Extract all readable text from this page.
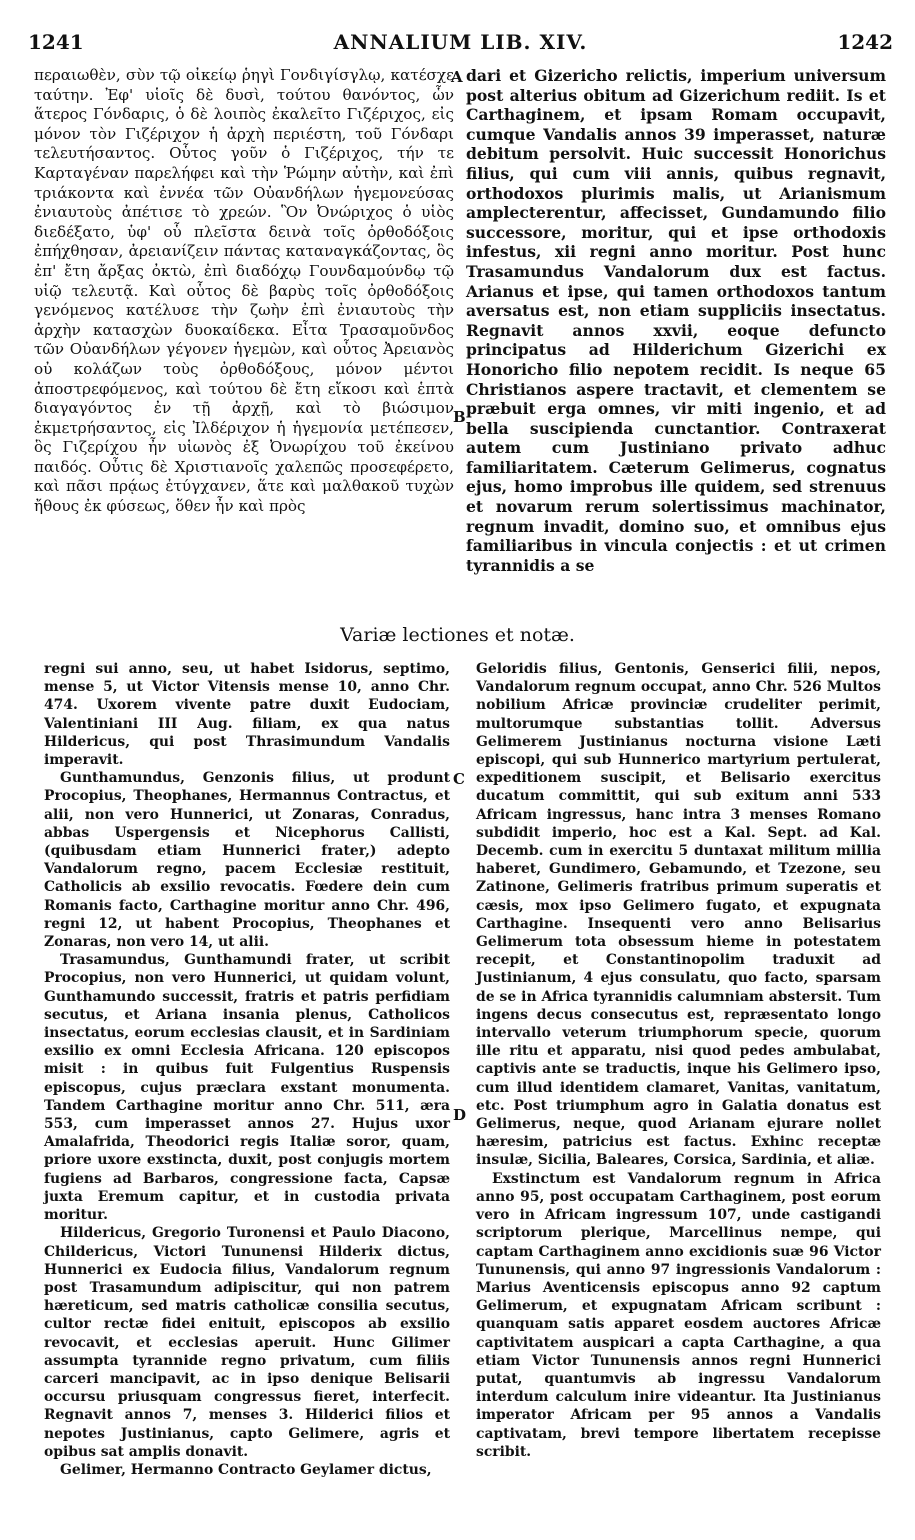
1241	ANNALIUM LIB. XIV.	1242
περαιωθὲν, σὺν τῷ οἰκείῳ ῥηγὶ Γονδιγίσγλῳ, κατέσχε ταύτην. Ἐφ' υἱοῖς δὲ δυσὶ, τούτου θανόντος, ὧν ἅτερος Γόνδαρις, ὁ δὲ λοιπὸς ἐκαλεῖτο Γιζέριχος, εἰς μόνον τὸν Γιζέριχον ἡ ἀρχὴ περιέστη, τοῦ Γόνδαρι τελευτήσαντος. Οὗτος γοῦν ὁ Γιζέριχος, τήν τε Καρταγέναν παρελήφει καὶ τὴν Ῥώμην αὐτὴν, καὶ ἐπὶ τριάκοντα καὶ ἐννέα τῶν Οὐανδήλων ἡγεμονεύσας ἐνιαυτοὺς ἀπέτισε τὸ χρεών. Ὃν Ὀνώριχος ὁ υἱὸς διεδέξατο, ὑφ' οὗ πλεῖστα δεινὰ τοῖς ὀρθοδόξοις ἐπήχθησαν, ἀρειανίζειν πάντας καταναγκάζοντας, ὃς ἐπ' ἔτη ἄρξας ὀκτὼ, ἐπὶ διαδόχῳ Γουνδαμούνδῳ τῷ υἱῷ τελευτᾷ. Καὶ οὗτος δὲ βαρὺς τοῖς ὀρθοδόξοις γενόμενος κατέλυσε τὴν ζωὴν ἐπὶ ἐνιαυτοὺς τὴν ἀρχὴν κατασχὼν δυοκαίδεκα. Εἶτα Τρασαμοῦνδος τῶν Οὐανδήλων γέγονεν ἡγεμὼν, καὶ οὗτος Ἀρειανὸς οὐ κολάζων τοὺς ὀρθοδόξους, μόνον μέντοι ἀποστρεφόμενος, καὶ τούτου δὲ ἔτη εἴκοσι καὶ ἑπτὰ διαγαγόντος ἐν τῇ ἀρχῇ, καὶ τὸ βιώσιμον ἐκμετρήσαντος, εἰς Ἰλδέριχον ἡ ἡγεμονία μετέπεσεν, ὃς Γιζερίχου ἦν υἱωνὸς ἐξ Ὀνωρίχου τοῦ ἐκείνου παιδός. Οὗτις δὲ Χριστιανοῖς χαλεπῶς προσεφέρετο, καὶ πᾶσι πρᾴως ἐτύγχανεν, ἅτε καὶ μαλθακοῦ τυχὼν ἤθους ἐκ φύσεως, ὅθεν ἦν καὶ πρὸς
dari et Gizericho relictis, imperium universum post alterius obitum ad Gizerichum rediit. Is et Carthaginem, et ipsam Romam occupavit, cumque Vandalis annos 39 imperasset, naturæ debitum persolvit. Huic successit Honorichus filius, qui cum viii annis, quibus regnavit, orthodoxos plurimis malis, ut Arianismum amplecterentur, affecisset, Gundamundo filio successore, moritur, qui et ipse orthodoxis infestus, xii regni anno moritur. Post hunc Trasamundus Vandalorum dux est factus. Arianus et ipse, qui tamen orthodoxos tantum aversatus est, non etiam suppliciis insectatus. Regnavit annos xxvii, eoque defuncto principatus ad Hilderichum Gizerichi ex Honoricho filio nepotem recidit. Is neque 65 Christianos aspere tractavit, et clementem se præbuit erga omnes, vir miti ingenio, et ad bella suscipienda cunctantior. Contraxerat autem cum Justiniano privato adhuc familiaritatem. Cæterum Gelimerus, cognatus ejus, homo improbus ille quidem, sed strenuus et novarum rerum solertissimus machinator, regnum invadit, domino suo, et omnibus ejus familiaribus in vincula conjectis : et ut crimen tyrannidis a se
A
B
C
D
Variæ lectiones et notæ.

regni sui anno, seu, ut habet Isidorus, septimo, mense 5, ut Victor Vitensis mense 10, anno Chr. 474. Uxorem vivente patre duxit Eudociam, Valentiniani III Aug. filiam, ex qua natus Hildericus, qui post Thrasimundum Vandalis imperavit.

Gunthamundus, Genzonis filius, ut produnt Procopius, Theophanes, Hermannus Contractus, et alii, non vero Hunnerici, ut Zonaras, Conradus, abbas Uspergensis et Nicephorus Callisti, (quibusdam etiam Hunnerici frater,) adepto Vandalorum regno, pacem Ecclesiæ restituit, Catholicis ab exsilio revocatis. Fœdere dein cum Romanis facto, Carthagine moritur anno Chr. 496, regni 12, ut habent Procopius, Theophanes et Zonaras, non vero 14, ut alii.

Trasamundus, Gunthamundi frater, ut scribit Procopius, non vero Hunnerici, ut quidam volunt, Gunthamundo successit, fratris et patris perfidiam secutus, et Ariana insania plenus, Catholicos insectatus, eorum ecclesias clausit, et in Sardiniam exsilio ex omni Ecclesia Africana. 120 episcopos misit : in quibus fuit Fulgentius Ruspensis episcopus, cujus præclara exstant monumenta. Tandem Carthagine moritur anno Chr. 511, æra 553, cum imperasset annos 27. Hujus uxor Amalafrida, Theodorici regis Italiæ soror, quam, priore uxore exstincta, duxit, post conjugis mortem fugiens ad Barbaros, congressione facta, Capsæ juxta Eremum capitur, et in custodia privata moritur.

Hildericus, Gregorio Turonensi et Paulo Diacono, Childericus, Victori Tununensi Hilderix dictus, Hunnerici ex Eudocia filius, Vandalorum regnum post Trasamundum adipiscitur, qui non patrem hæreticum, sed matris catholicæ consilia secutus, cultor rectæ fidei enituit, episcopos ab exsilio revocavit, et ecclesias aperuit. Hunc Gilimer assumpta tyrannide regno privatum, cum filiis carceri mancipavit, ac in ipso denique Belisarii occursu priusquam congressus fieret, interfecit. Regnavit annos 7, menses 3. Hilderici filios et nepotes Justinianus, capto Gelimere, agris et opibus sat amplis donavit.

Gelimer, Hermanno Contracto Geylamer dictus,

Geloridis filius, Gentonis, Genserici filii, nepos, Vandalorum regnum occupat, anno Chr. 526 Multos nobilium Africæ provinciæ crudeliter perimit, multorumque substantias tollit. Adversus Gelimerem Justinianus nocturna visione Læti episcopi, qui sub Hunnerico martyrium pertulerat, expeditionem suscipit, et Belisario exercitus ducatum committit, qui sub exitum anni 533 Africam ingressus, hanc intra 3 menses Romano subdidit imperio, hoc est a Kal. Sept. ad Kal. Decemb. cum in exercitu 5 duntaxat militum millia haberet, Gundimero, Gebamundo, et Tzezone, seu Zatinone, Gelimeris fratribus primum superatis et cæsis, mox ipso Gelimero fugato, et expugnata Carthagine. Insequenti vero anno Belisarius Gelimerum tota obsessum hieme in potestatem recepit, et Constantinopolim traduxit ad Justinianum, 4 ejus consulatu, quo facto, sparsam de se in Africa tyrannidis calumniam abstersit. Tum ingens decus consecutus est, repræsentato longo intervallo veterum triumphorum specie, quorum ille ritu et apparatu, nisi quod pedes ambulabat, captivis ante se traductis, inque his Gelimero ipso, cum illud identidem clamaret, Vanitas, vanitatum, etc. Post triumphum agro in Galatia donatus est Gelimerus, neque, quod Arianam ejurare nollet hæresim, patricius est factus. Exhinc receptæ insulæ, Sicilia, Baleares, Corsica, Sardinia, et aliæ.

Exstinctum est Vandalorum regnum in Africa anno 95, post occupatam Carthaginem, post eorum vero in Africam ingressum 107, unde castigandi scriptorum plerique, Marcellinus nempe, qui captam Carthaginem anno excidionis suæ 96 Victor Tununensis, qui anno 97 ingressionis Vandalorum : Marius Aventicensis episcopus anno 92 captum Gelimerum, et expugnatam Africam scribunt : quanquam satis apparet eosdem auctores Africæ captivitatem auspicari a capta Carthagine, a qua etiam Victor Tununensis annos regni Hunnerici putat, quantumvis ab ingressu Vandalorum interdum calculum inire videantur. Ita Justinianus imperator Africam per 95 annos a Vandalis captivatam, brevi tempore libertatem recepisse scribit.
